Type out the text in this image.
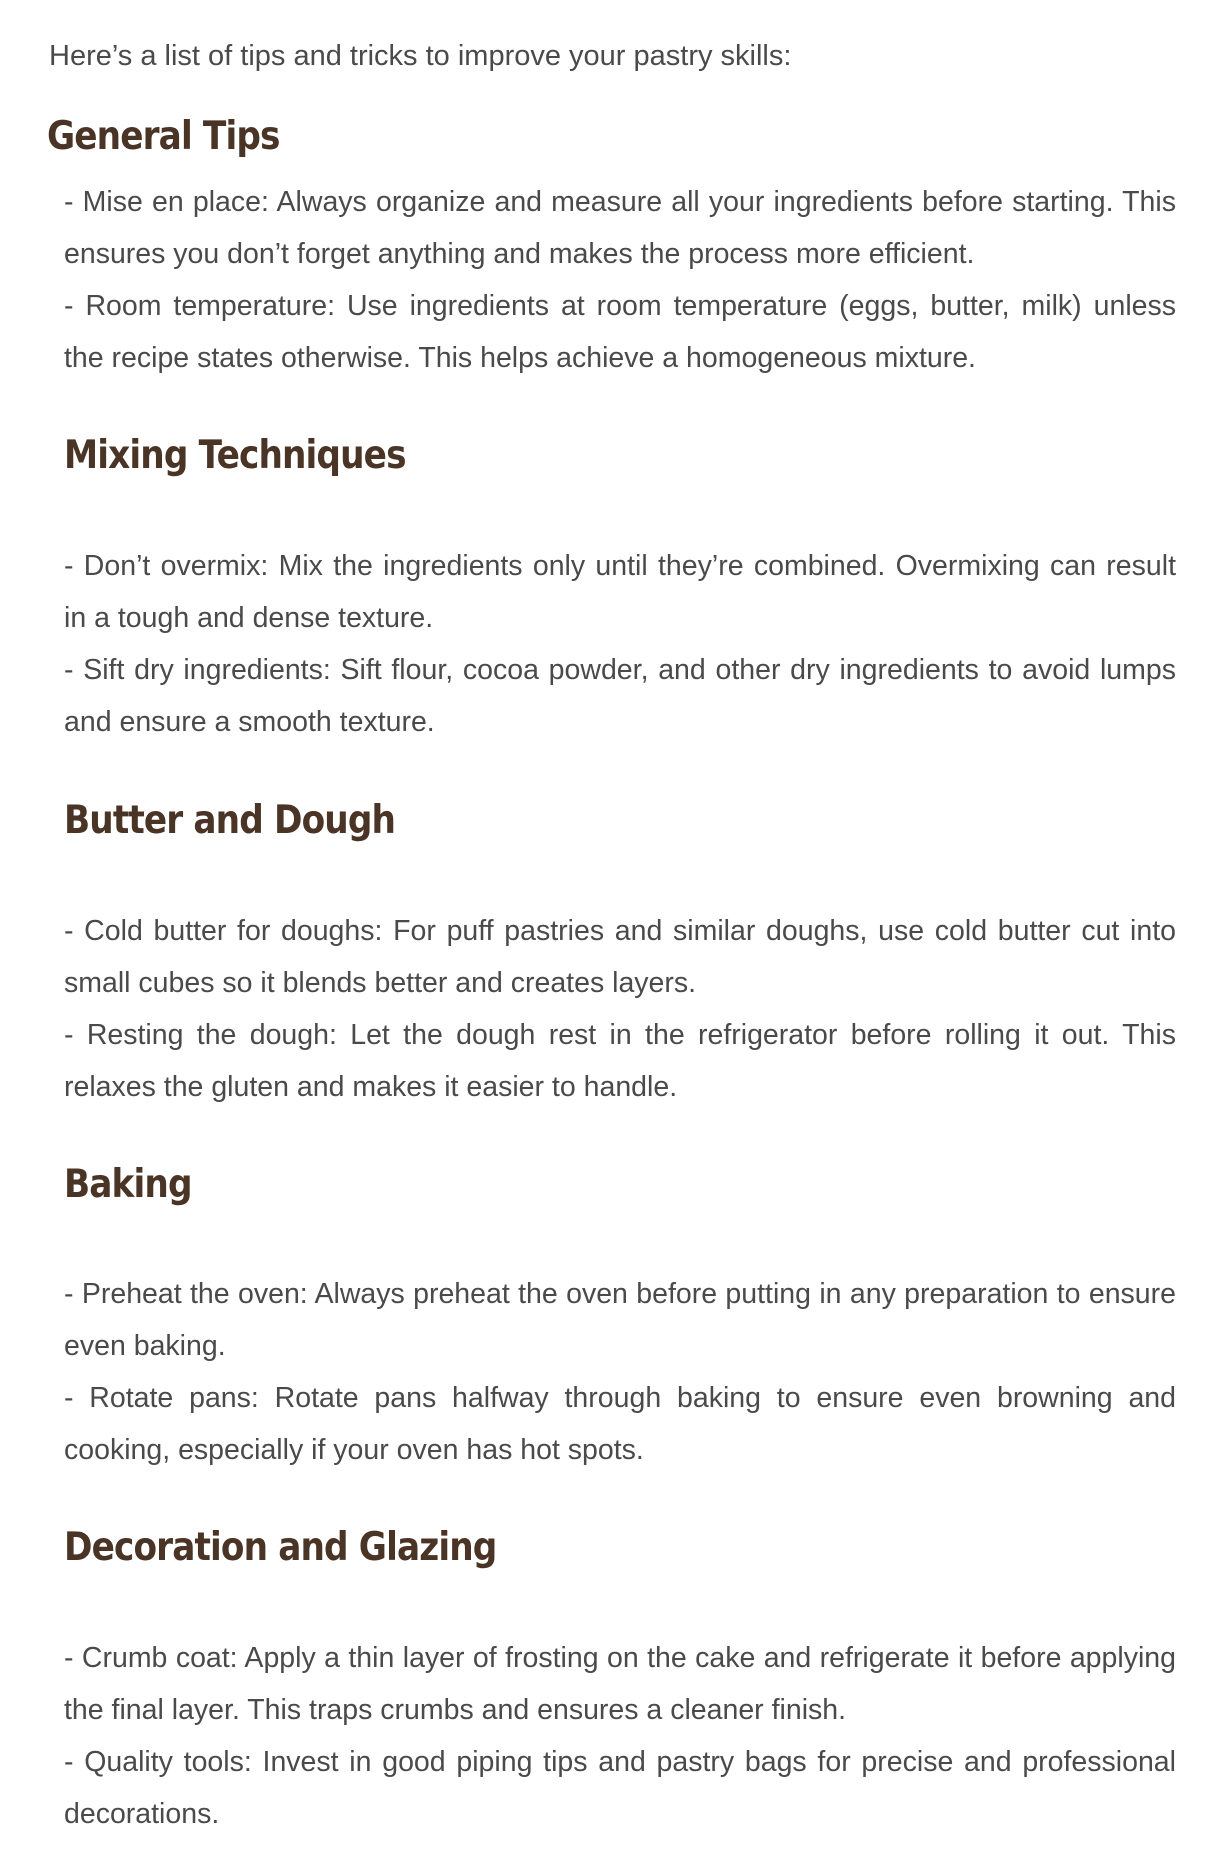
Here’s a list of tips and tricks to improve your pastry skills:

General Tips
- Mise en place: Always organize and measure all your ingredients before starting. This ensures you don’t forget anything and makes the process more efficient.
- Room temperature: Use ingredients at room temperature (eggs, butter, milk) unless the recipe states otherwise. This helps achieve a homogeneous mixture.
Mixing Techniques
- Don’t overmix: Mix the ingredients only until they’re combined. Overmixing can result in a tough and dense texture.
- Sift dry ingredients: Sift flour, cocoa powder, and other dry ingredients to avoid lumps and ensure a smooth texture.
Butter and Dough
- Cold butter for doughs: For puff pastries and similar doughs, use cold butter cut into small cubes so it blends better and creates layers.
- Resting the dough: Let the dough rest in the refrigerator before rolling it out. This relaxes the gluten and makes it easier to handle.
Baking
- Preheat the oven: Always preheat the oven before putting in any preparation to ensure even baking.
- Rotate pans: Rotate pans halfway through baking to ensure even browning and cooking, especially if your oven has hot spots.
Decoration and Glazing
- Crumb coat: Apply a thin layer of frosting on the cake and refrigerate it before applying the final layer. This traps crumbs and ensures a cleaner finish.
- Quality tools: Invest in good piping tips and pastry bags for precise and professional decorations.
